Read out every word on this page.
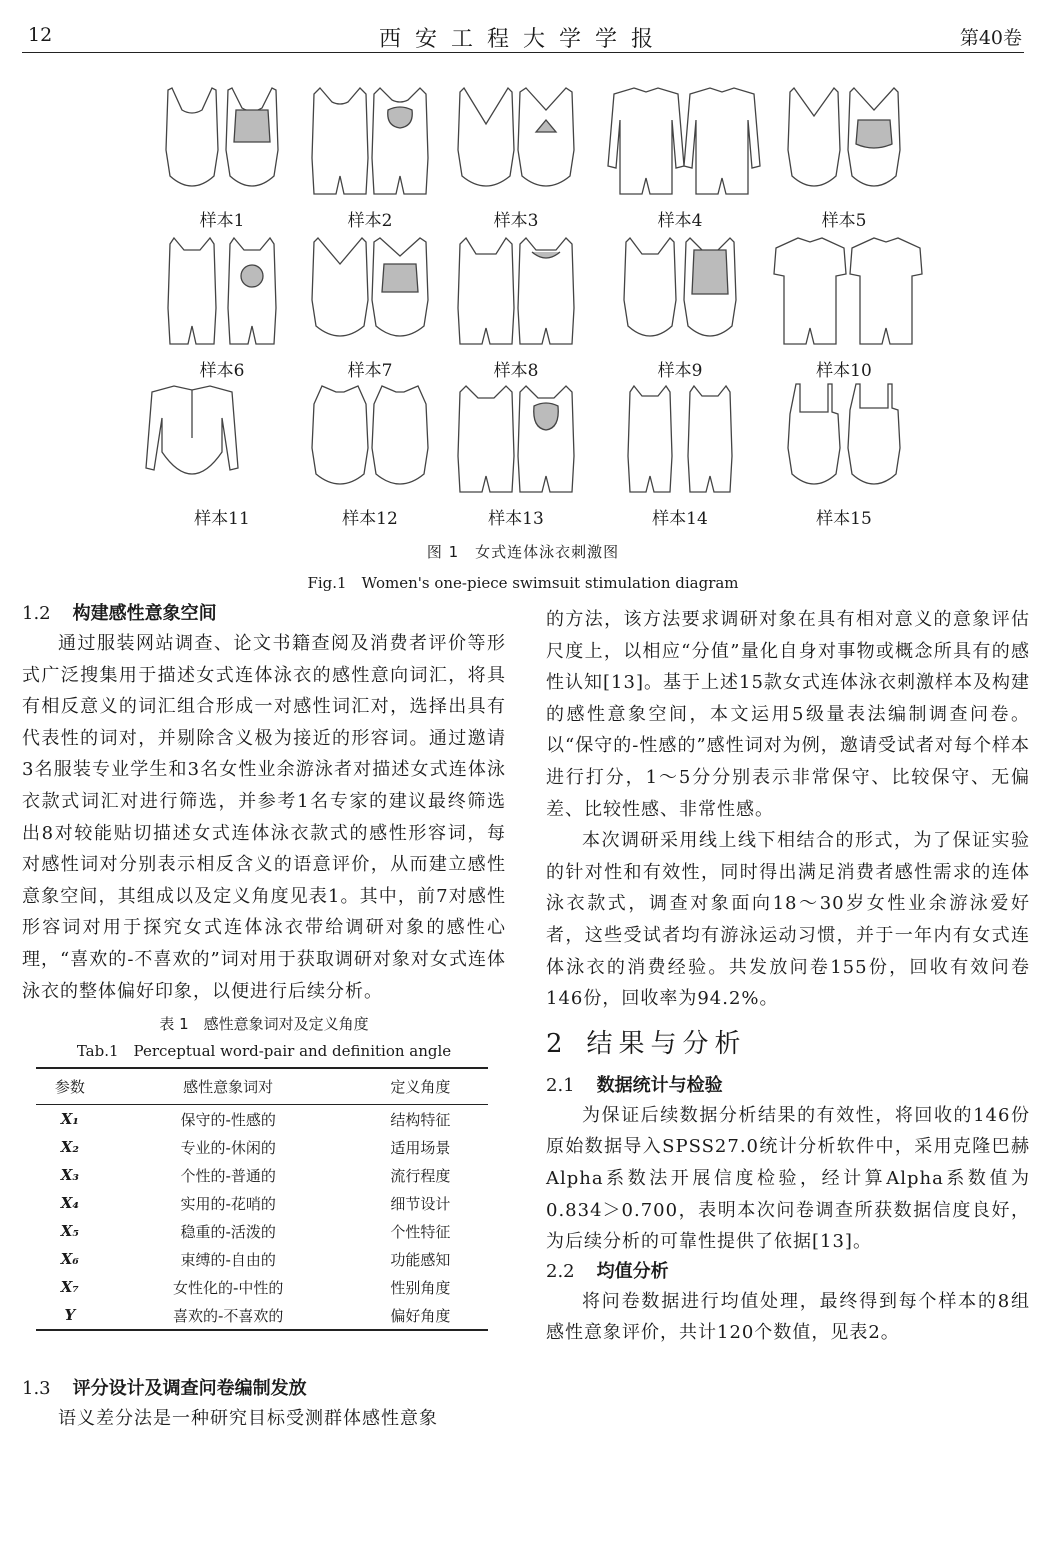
12	西安工程大学学报	第40卷
样本1	样本2	样本3	样本4	样本5
样本6	样本7	样本8	样本9	样本10
样本11	样本12	样本13	样本14	样本15
图 1　女式连体泳衣刺激图
Fig.1　Women's one-piece swimsuit stimulation diagram

1.2 构建感性意象空间

通过服装网站调查、论文书籍查阅及消费者评价等形式广泛搜集用于描述女式连体泳衣的感性意向词汇，将具有相反意义的词汇组合形成一对感性词汇对，选择出具有代表性的词对，并剔除含义极为接近的形容词。通过邀请3名服装专业学生和3名女性业余游泳者对描述女式连体泳衣款式词汇对进行筛选，并参考1名专家的建议最终筛选出8对较能贴切描述女式连体泳衣款式的感性形容词，每对感性词对分别表示相反含义的语意评价，从而建立感性意象空间，其组成以及定义角度见表1。其中，前7对感性形容词对用于探究女式连体泳衣带给调研对象的感性心理，“喜欢的-不喜欢的”词对用于获取调研对象对女式连体泳衣的整体偏好印象，以便进行后续分析。

表 1　感性意象词对及定义角度

Tab.1　Perceptual word-pair and definition angle

参数	感性意象词对	定义角度
X₁	保守的-性感的	结构特征
X₂	专业的-休闲的	适用场景
X₃	个性的-普通的	流行程度
X₄	实用的-花哨的	细节设计
X₅	稳重的-活泼的	个性特征
X₆	束缚的-自由的	功能感知
X₇	女性化的-中性的	性别角度
Y	喜欢的-不喜欢的	偏好角度

1.3 评分设计及调查问卷编制发放

语义差分法是一种研究目标受测群体感性意象

的方法，该方法要求调研对象在具有相对意义的意象评估尺度上，以相应“分值”量化自身对事物或概念所具有的感性认知[13]。基于上述15款女式连体泳衣刺激样本及构建的感性意象空间，本文运用5级量表法编制调查问卷。以“保守的-性感的”感性词对为例，邀请受试者对每个样本进行打分，1～5分分别表示非常保守、比较保守、无偏差、比较性感、非常性感。

本次调研采用线上线下相结合的形式，为了保证实验的针对性和有效性，同时得出满足消费者感性需求的连体泳衣款式，调查对象面向18～30岁女性业余游泳爱好者，这些受试者均有游泳运动习惯，并于一年内有女式连体泳衣的消费经验。共发放问卷155份，回收有效问卷146份，回收率为94.2%。

2 结果与分析

2.1 数据统计与检验

为保证后续数据分析结果的有效性，将回收的146份原始数据导入SPSS27.0统计分析软件中，采用克隆巴赫Alpha系数法开展信度检验，经计算Alpha系数值为0.834＞0.700，表明本次问卷调查所获数据信度良好，为后续分析的可靠性提供了依据[13]。

2.2 均值分析

将问卷数据进行均值处理，最终得到每个样本的8组感性意象评价，共计120个数值，见表2。
